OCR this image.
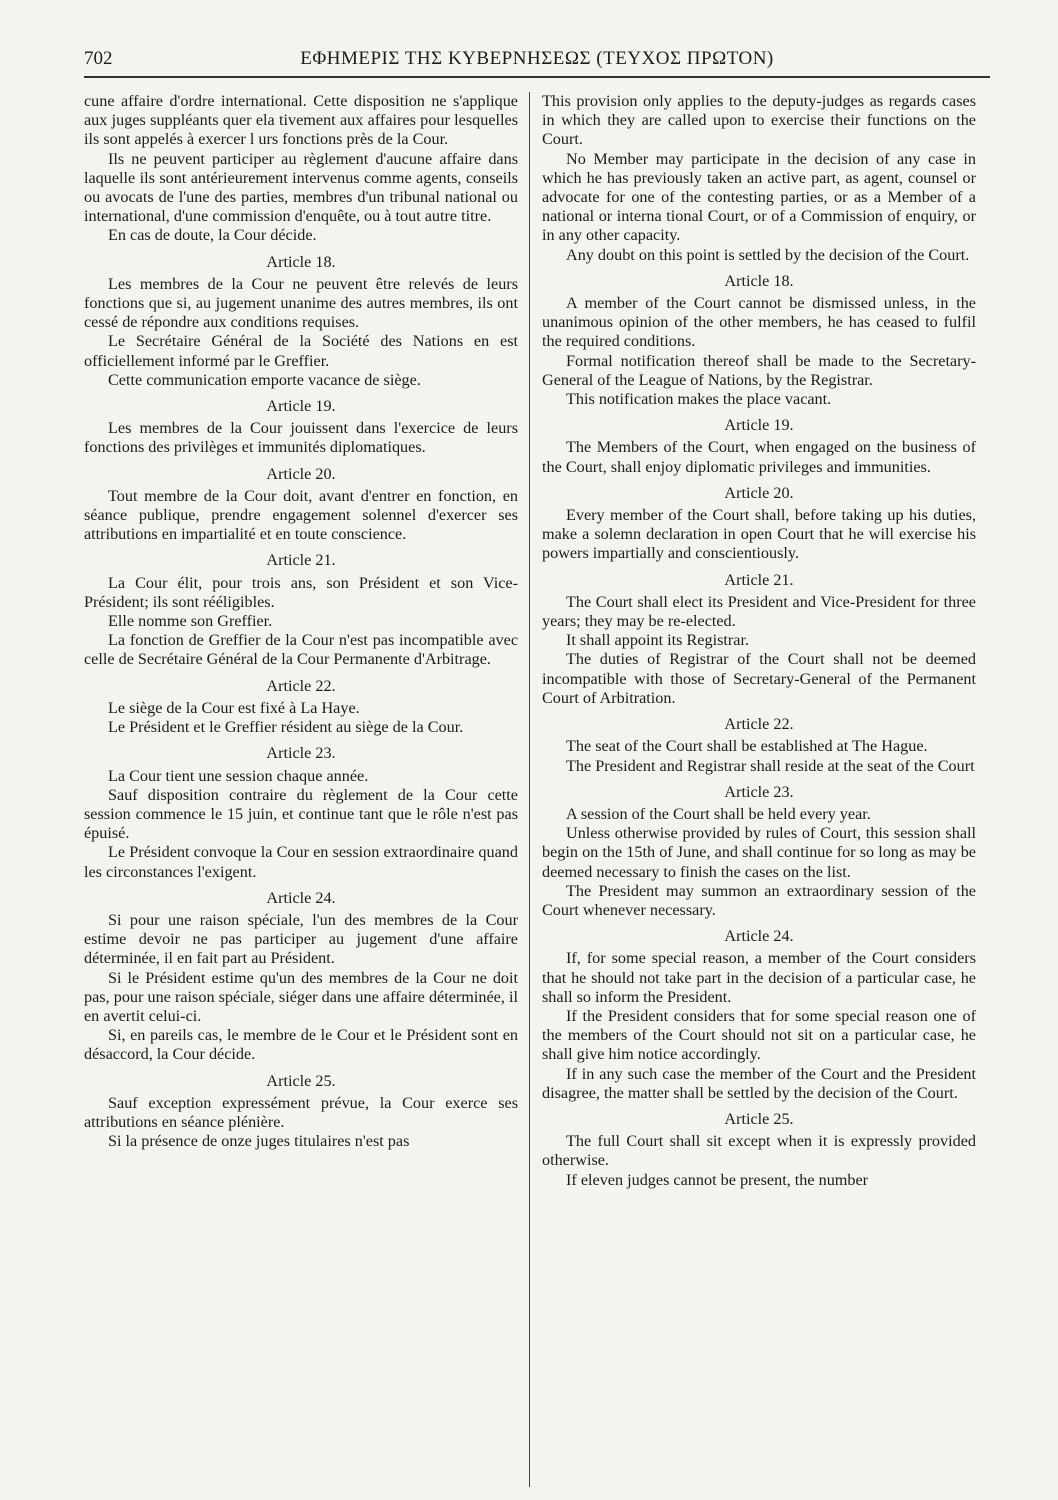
702	ΕΦΗΜΕΡΙΣ ΤΗΣ ΚΥΒΕΡΝΗΣΕΩΣ (ΤΕΥΧΟΣ ΠΡΩΤΟΝ)

cune affaire d'ordre international. Cette disposition ne s'applique aux juges suppléants quer ela tivement aux affaires pour lesquelles ils sont appelés à exercer l urs fonctions près de la Cour.

Ils ne peuvent participer au règlement d'aucune affaire dans laquelle ils sont antérieurement intervenus comme agents, conseils ou avocats de l'une des parties, membres d'un tribunal national ou international, d'une commission d'enquête, ou à tout autre titre.

En cas de doute, la Cour décide.

Article 18.

Les membres de la Cour ne peuvent être relevés de leurs fonctions que si, au jugement unanime des autres membres, ils ont cessé de répondre aux conditions requises.

Le Secrétaire Général de la Société des Nations en est officiellement informé par le Greffier.

Cette communication emporte vacance de siège.

Article 19.

Les membres de la Cour jouissent dans l'exercice de leurs fonctions des privilèges et immunités diplomatiques.

Article 20.

Tout membre de la Cour doit, avant d'entrer en fonction, en séance publique, prendre engagement solennel d'exercer ses attributions en impartialité et en toute conscience.

Article 21.

La Cour élit, pour trois ans, son Président et son Vice-Président; ils sont rééligibles.

Elle nomme son Greffier.

La fonction de Greffier de la Cour n'est pas incompatible avec celle de Secrétaire Général de la Cour Permanente d'Arbitrage.

Article 22.

Le siège de la Cour est fixé à La Haye.

Le Président et le Greffier résident au siège de la Cour.

Article 23.

La Cour tient une session chaque année.

Sauf disposition contraire du règlement de la Cour cette session commence le 15 juin, et continue tant que le rôle n'est pas épuisé.

Le Président convoque la Cour en session extraordinaire quand les circonstances l'exigent.

Article 24.

Si pour une raison spéciale, l'un des membres de la Cour estime devoir ne pas participer au jugement d'une affaire déterminée, il en fait part au Président.

Si le Président estime qu'un des membres de la Cour ne doit pas, pour une raison spéciale, siéger dans une affaire déterminée, il en avertit celui-ci.

Si, en pareils cas, le membre de le Cour et le Président sont en désaccord, la Cour décide.

Article 25.

Sauf exception expressément prévue, la Cour exerce ses attributions en séance plénière.

Si la présence de onze juges titulaires n'est pas

This provision only applies to the deputy-judges as regards cases in which they are called upon to exercise their functions on the Court.

No Member may participate in the decision of any case in which he has previously taken an active part, as agent, counsel or advocate for one of the contesting parties, or as a Member of a national or interna tional Court, or of a Commission of enquiry, or in any other capacity.

Any doubt on this point is settled by the decision of the Court.

Article 18.

A member of the Court cannot be dismissed unless, in the unanimous opinion of the other members, he has ceased to fulfil the required conditions.

Formal notification thereof shall be made to the Secretary-General of the League of Nations, by the Registrar.

This notification makes the place vacant.

Article 19.

The Members of the Court, when engaged on the business of the Court, shall enjoy diplomatic privileges and immunities.

Article 20.

Every member of the Court shall, before taking up his duties, make a solemn declaration in open Court that he will exercise his powers impartially and conscientiously.

Article 21.

The Court shall elect its President and Vice-President for three years; they may be re-elected.

It shall appoint its Registrar.

The duties of Registrar of the Court shall not be deemed incompatible with those of Secretary-General of the Permanent Court of Arbitration.

Article 22.

The seat of the Court shall be established at The Hague.

The President and Registrar shall reside at the seat of the Court

Article 23.

A session of the Court shall be held every year.

Unless otherwise provided by rules of Court, this session shall begin on the 15th of June, and shall continue for so long as may be deemed necessary to finish the cases on the list.

The President may summon an extraordinary session of the Court whenever necessary.

Article 24.

If, for some special reason, a member of the Court considers that he should not take part in the decision of a particular case, he shall so inform the President.

If the President considers that for some special reason one of the members of the Court should not sit on a particular case, he shall give him notice accordingly.

If in any such case the member of the Court and the President disagree, the matter shall be settled by the decision of the Court.

Article 25.

The full Court shall sit except when it is expressly provided otherwise.

If eleven judges cannot be present, the number
